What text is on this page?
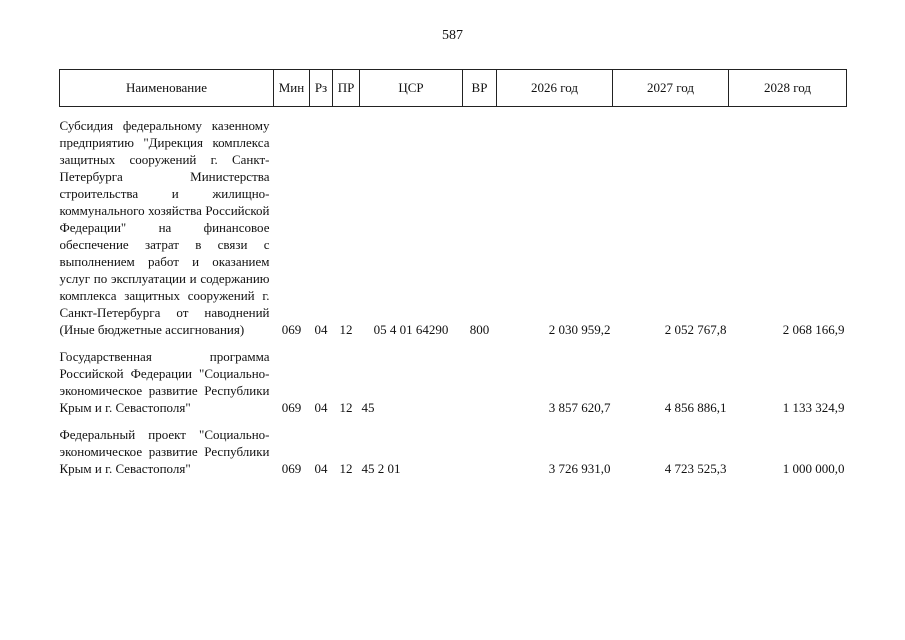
587
Наименование	Мин	Рз	ПР	ЦСР	ВР	2026 год	2027 год	2028 год
Субсидия федеральному казенному предприятию "Дирекция комплекса защитных сооружений г. Санкт-Петербурга Министерства строительства и жилищно-коммунального хозяйства Российской Федерации" на финансовое обеспечение затрат в связи с выполнением работ и оказанием услуг по эксплуатации и содержанию комплекса защитных сооружений г. Санкт-Петербурга от наводнений (Иные бюджетные ассигнования)	069	04	12	05 4 01 64290	800	2 030 959,2	2 052 767,8	2 068 166,9

Государственная программа Российской Федерации "Социально-экономическое развитие Республики Крым и г. Севастополя"	069	04	12	45		3 857 620,7	4 856 886,1	1 133 324,9

Федеральный проект "Социально-экономическое развитие Республики Крым и г. Севастополя"	069	04	12	45 2 01		3 726 931,0	4 723 525,3	1 000 000,0
